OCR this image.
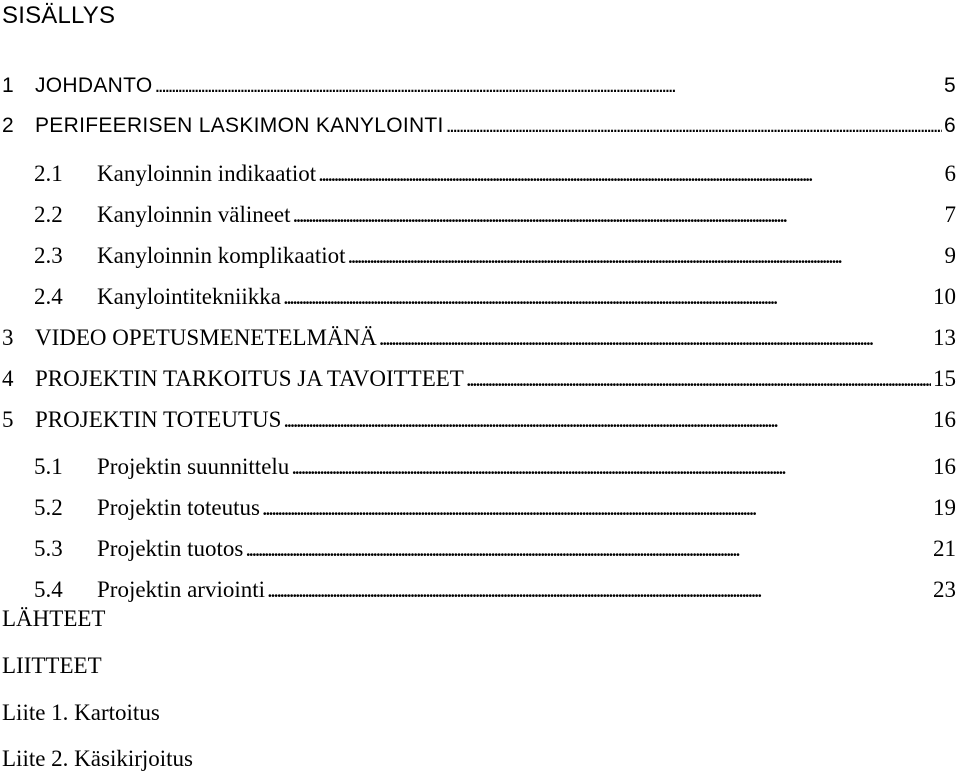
SISÄLLYS
1	JOHDANTO . . .	5
2	PERIFEERISEN LASKIMON KANYLOINTI . . .	6
2.1	Kanyloinnin indikaatiot . . .	6
2.2	Kanyloinnin välineet . . .	7
2.3	Kanyloinnin komplikaatiot . . .	9
2.4	Kanylointitekniikka . . .	10
3 VIDEO OPETUSMENETELMÄNÄ . . .	13
4 PROJEKTIN TARKOITUS JA TAVOITTEET . . .	15
5 PROJEKTIN TOTEUTUS . . .	16
5.1	Projektin suunnittelu . . .	16
5.2	Projektin toteutus . . .	19
5.3	Projektin tuotos . . .	21
5.4	Projektin arviointi . . .	23
LÄHTEET
LIITTEET
Liite 1. Kartoitus
Liite 2. Käsikirjoitus
